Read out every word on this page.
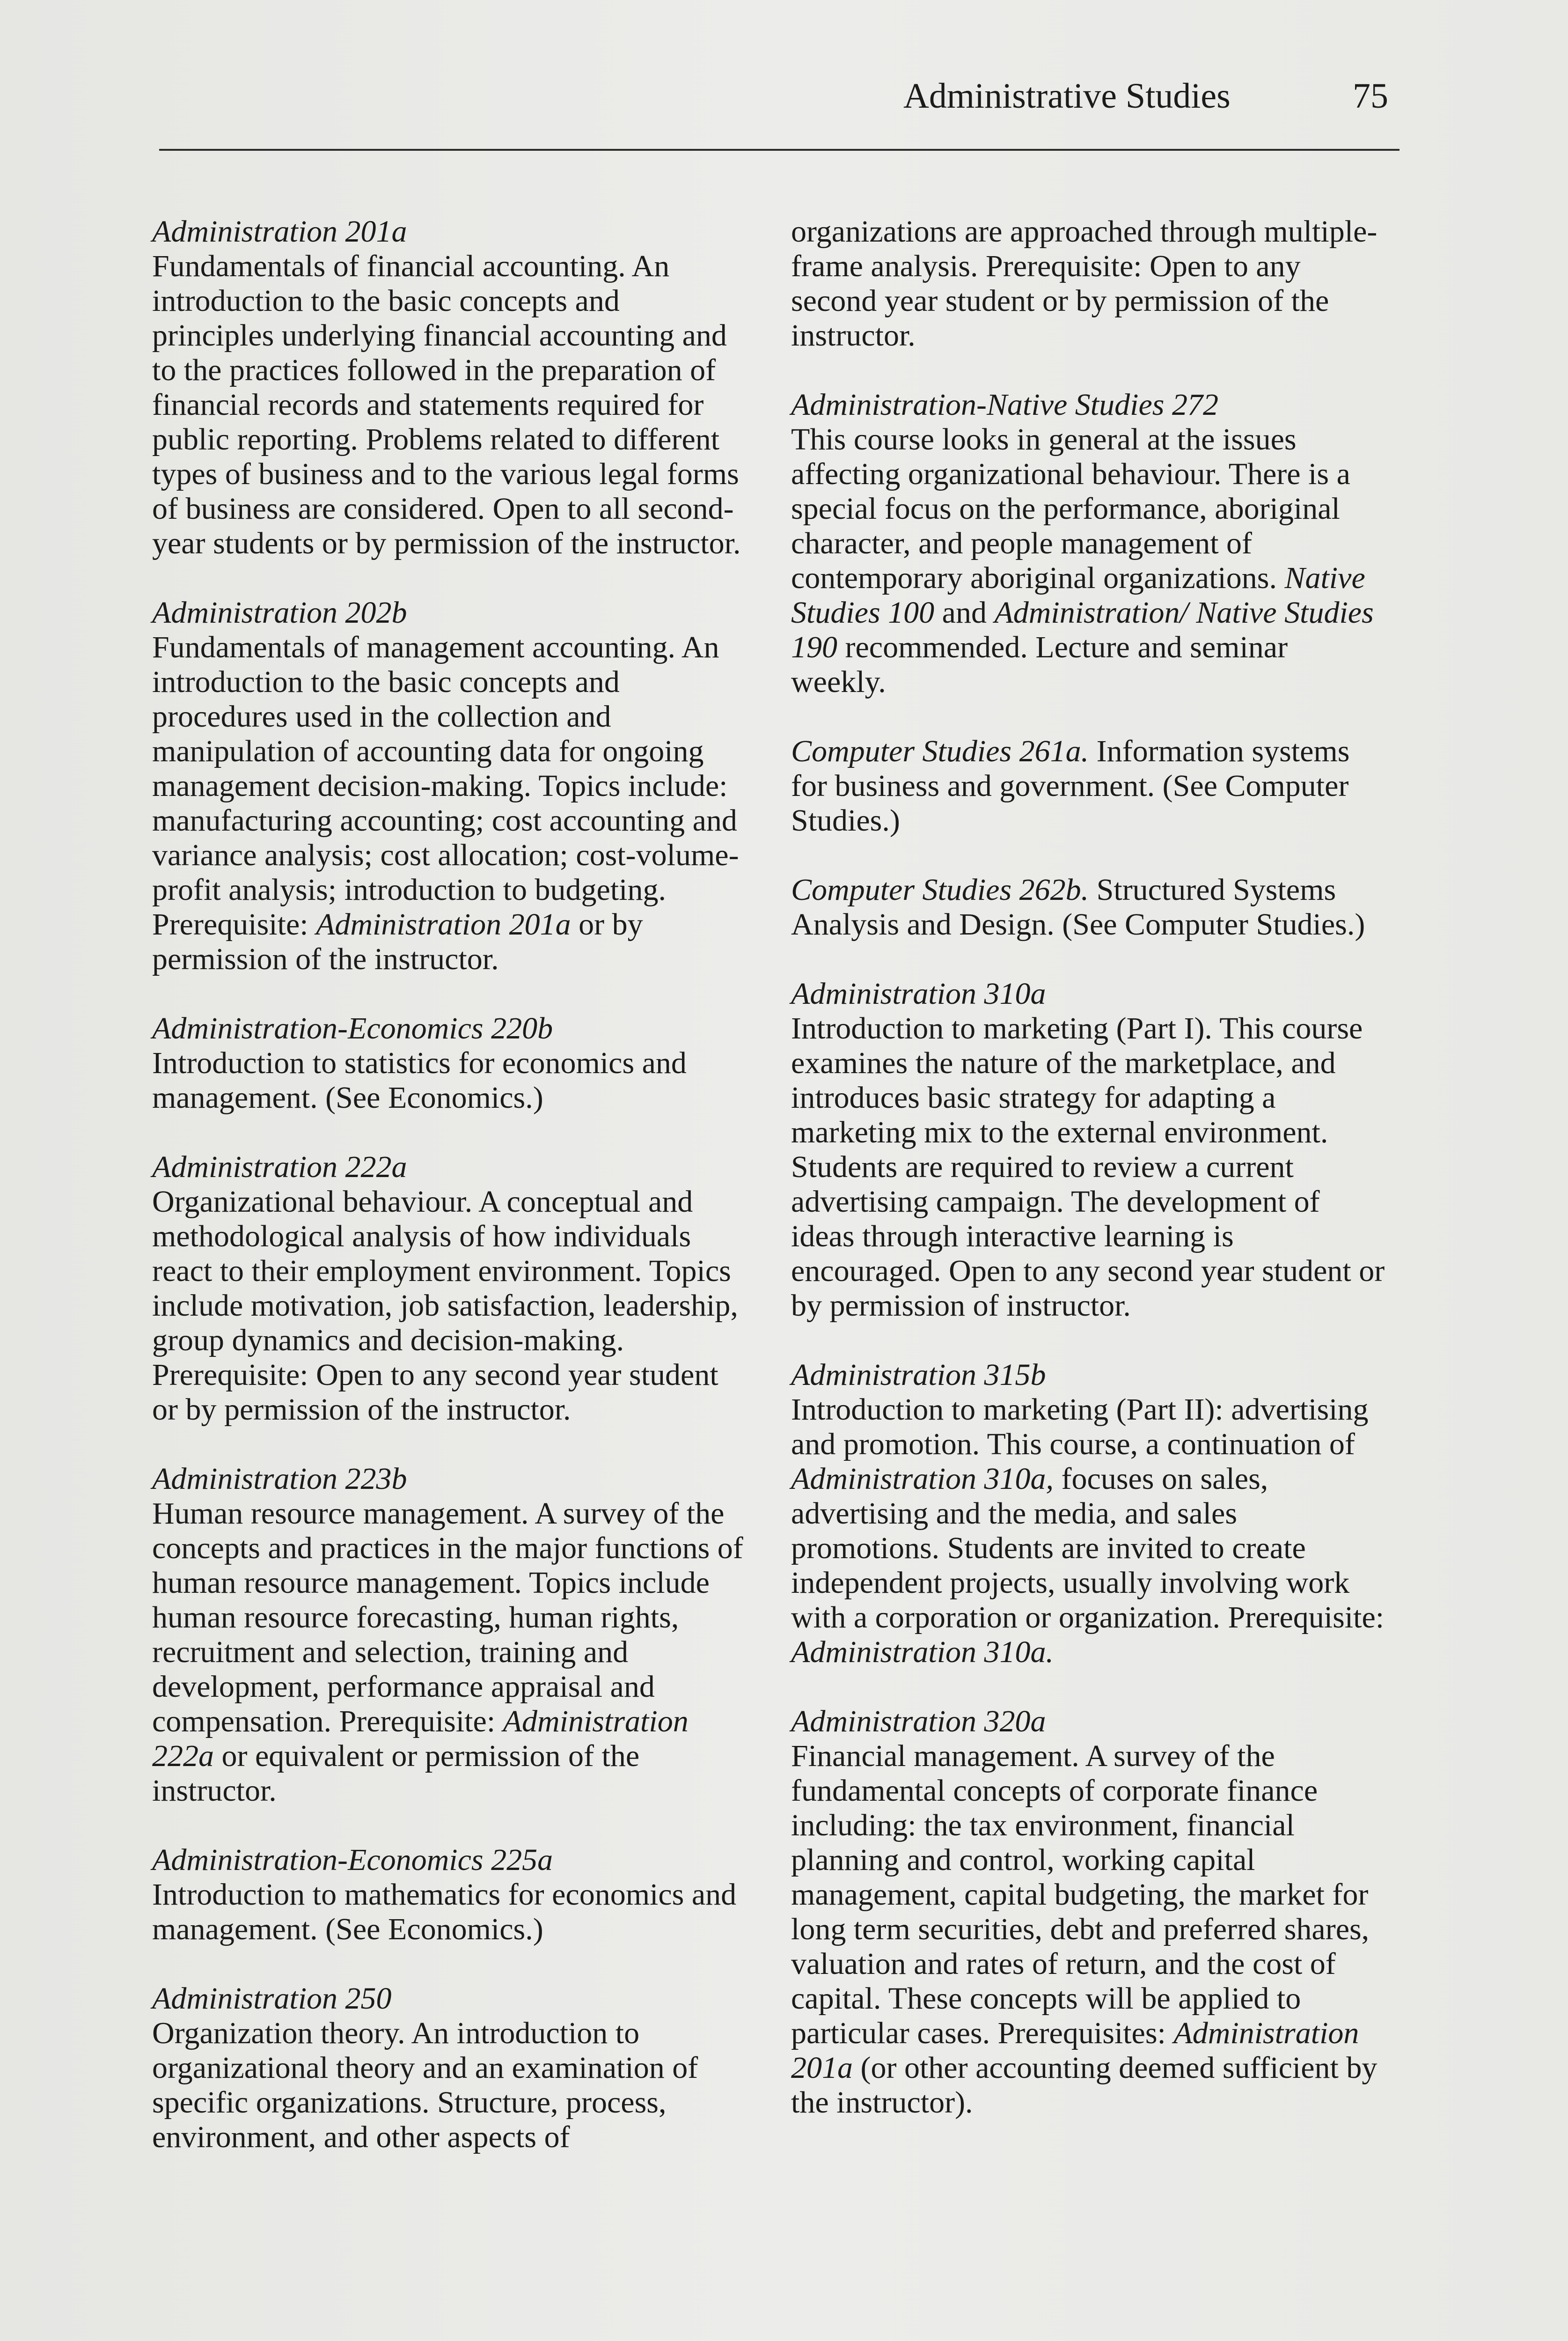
Administrative Studies	75
Administration 201a
Fundamentals of financial accounting. An introduction to the basic concepts and principles underlying financial accounting and to the practices followed in the preparation of financial records and statements required for public reporting. Problems related to different types of business and to the various legal forms of business are considered. Open to all second-year students or by permission of the instructor.
Administration 202b
Fundamentals of management accounting. An introduction to the basic concepts and procedures used in the collection and manipulation of accounting data for ongoing management decision-making. Topics include: manufacturing accounting; cost accounting and variance analysis; cost allocation; cost-volume-profit analysis; introduction to budgeting. Prerequisite: Administration 201a or by permission of the instructor.
Administration-Economics 220b
Introduction to statistics for economics and management. (See Economics.)
Administration 222a
Organizational behaviour. A conceptual and methodological analysis of how individuals react to their employment environment. Topics include motivation, job satisfaction, leadership, group dynamics and decision-making. Prerequisite: Open to any second year student or by permission of the instructor.
Administration 223b
Human resource management. A survey of the concepts and practices in the major functions of human resource management. Topics include human resource forecasting, human rights, recruitment and selection, training and development, performance appraisal and compensation. Prerequisite: Administration 222a or equivalent or permission of the instructor.
Administration-Economics 225a
Introduction to mathematics for economics and management. (See Economics.)
Administration 250
Organization theory. An introduction to organizational theory and an examination of specific organizations. Structure, process, environment, and other aspects of
organizations are approached through multiple-frame analysis. Prerequisite: Open to any second year student or by permission of the instructor.
Administration-Native Studies 272
This course looks in general at the issues affecting organizational behaviour. There is a special focus on the performance, aboriginal character, and people management of contemporary aboriginal organizations. Native Studies 100 and Administration/ Native Studies 190 recommended. Lecture and seminar weekly.
Computer Studies 261a. Information systems for business and government. (See Computer Studies.)
Computer Studies 262b. Structured Systems Analysis and Design. (See Computer Studies.)
Administration 310a
Introduction to marketing (Part I). This course examines the nature of the marketplace, and introduces basic strategy for adapting a marketing mix to the external environment. Students are required to review a current advertising campaign. The development of ideas through interactive learning is encouraged. Open to any second year student or by permission of instructor.
Administration 315b
Introduction to marketing (Part II): advertising and promotion. This course, a continuation of Administration 310a, focuses on sales, advertising and the media, and sales promotions. Students are invited to create independent projects, usually involving work with a corporation or organization. Prerequisite: Administration 310a.
Administration 320a
Financial management. A survey of the fundamental concepts of corporate finance including: the tax environment, financial planning and control, working capital management, capital budgeting, the market for long term securities, debt and preferred shares, valuation and rates of return, and the cost of capital. These concepts will be applied to particular cases. Prerequisites: Administration 201a (or other accounting deemed sufficient by the instructor).
